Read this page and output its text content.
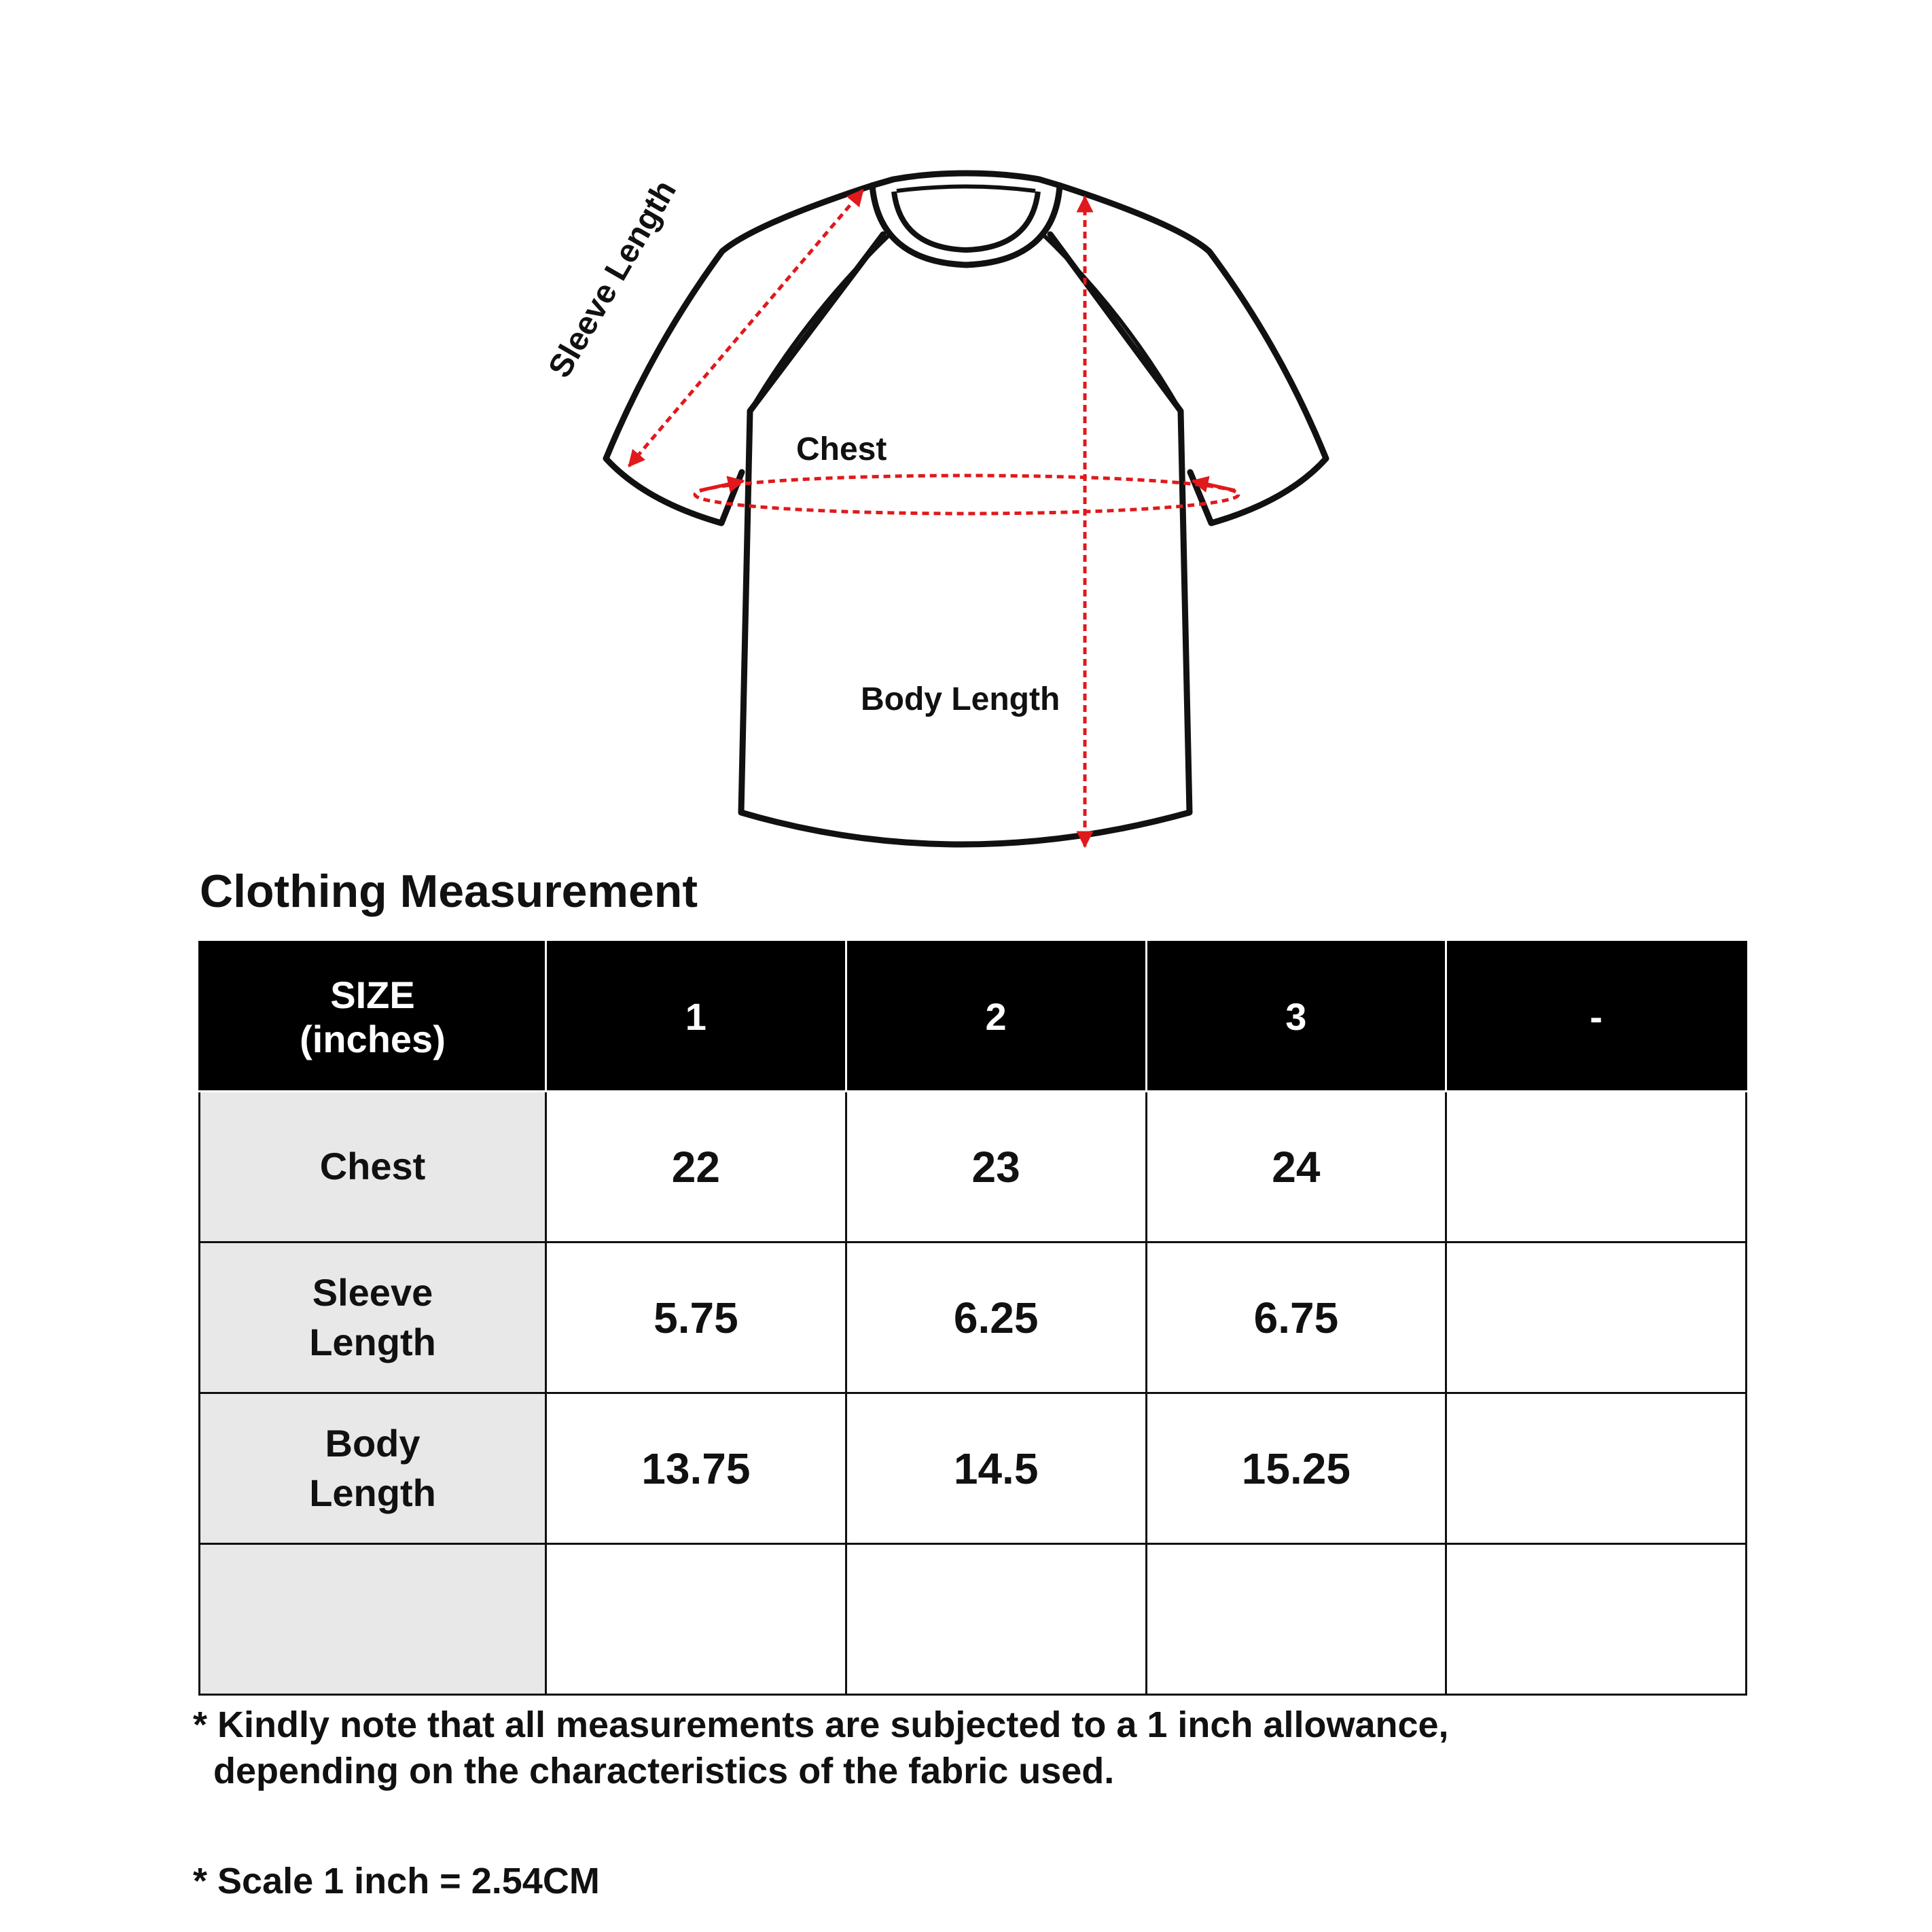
Sleeve Length
Chest
Body Length
Clothing Measurement
SIZE
(inches)	1	2	3	-
Chest	22	23	24	
Sleeve
Length	5.75	6.25	6.75	
Body
Length	13.75	14.5	15.25	

* Kindly note that all measurements are subjected to a 1 inch allowance,
depending on the characteristics of the fabric used.
* Scale 1 inch = 2.54CM
